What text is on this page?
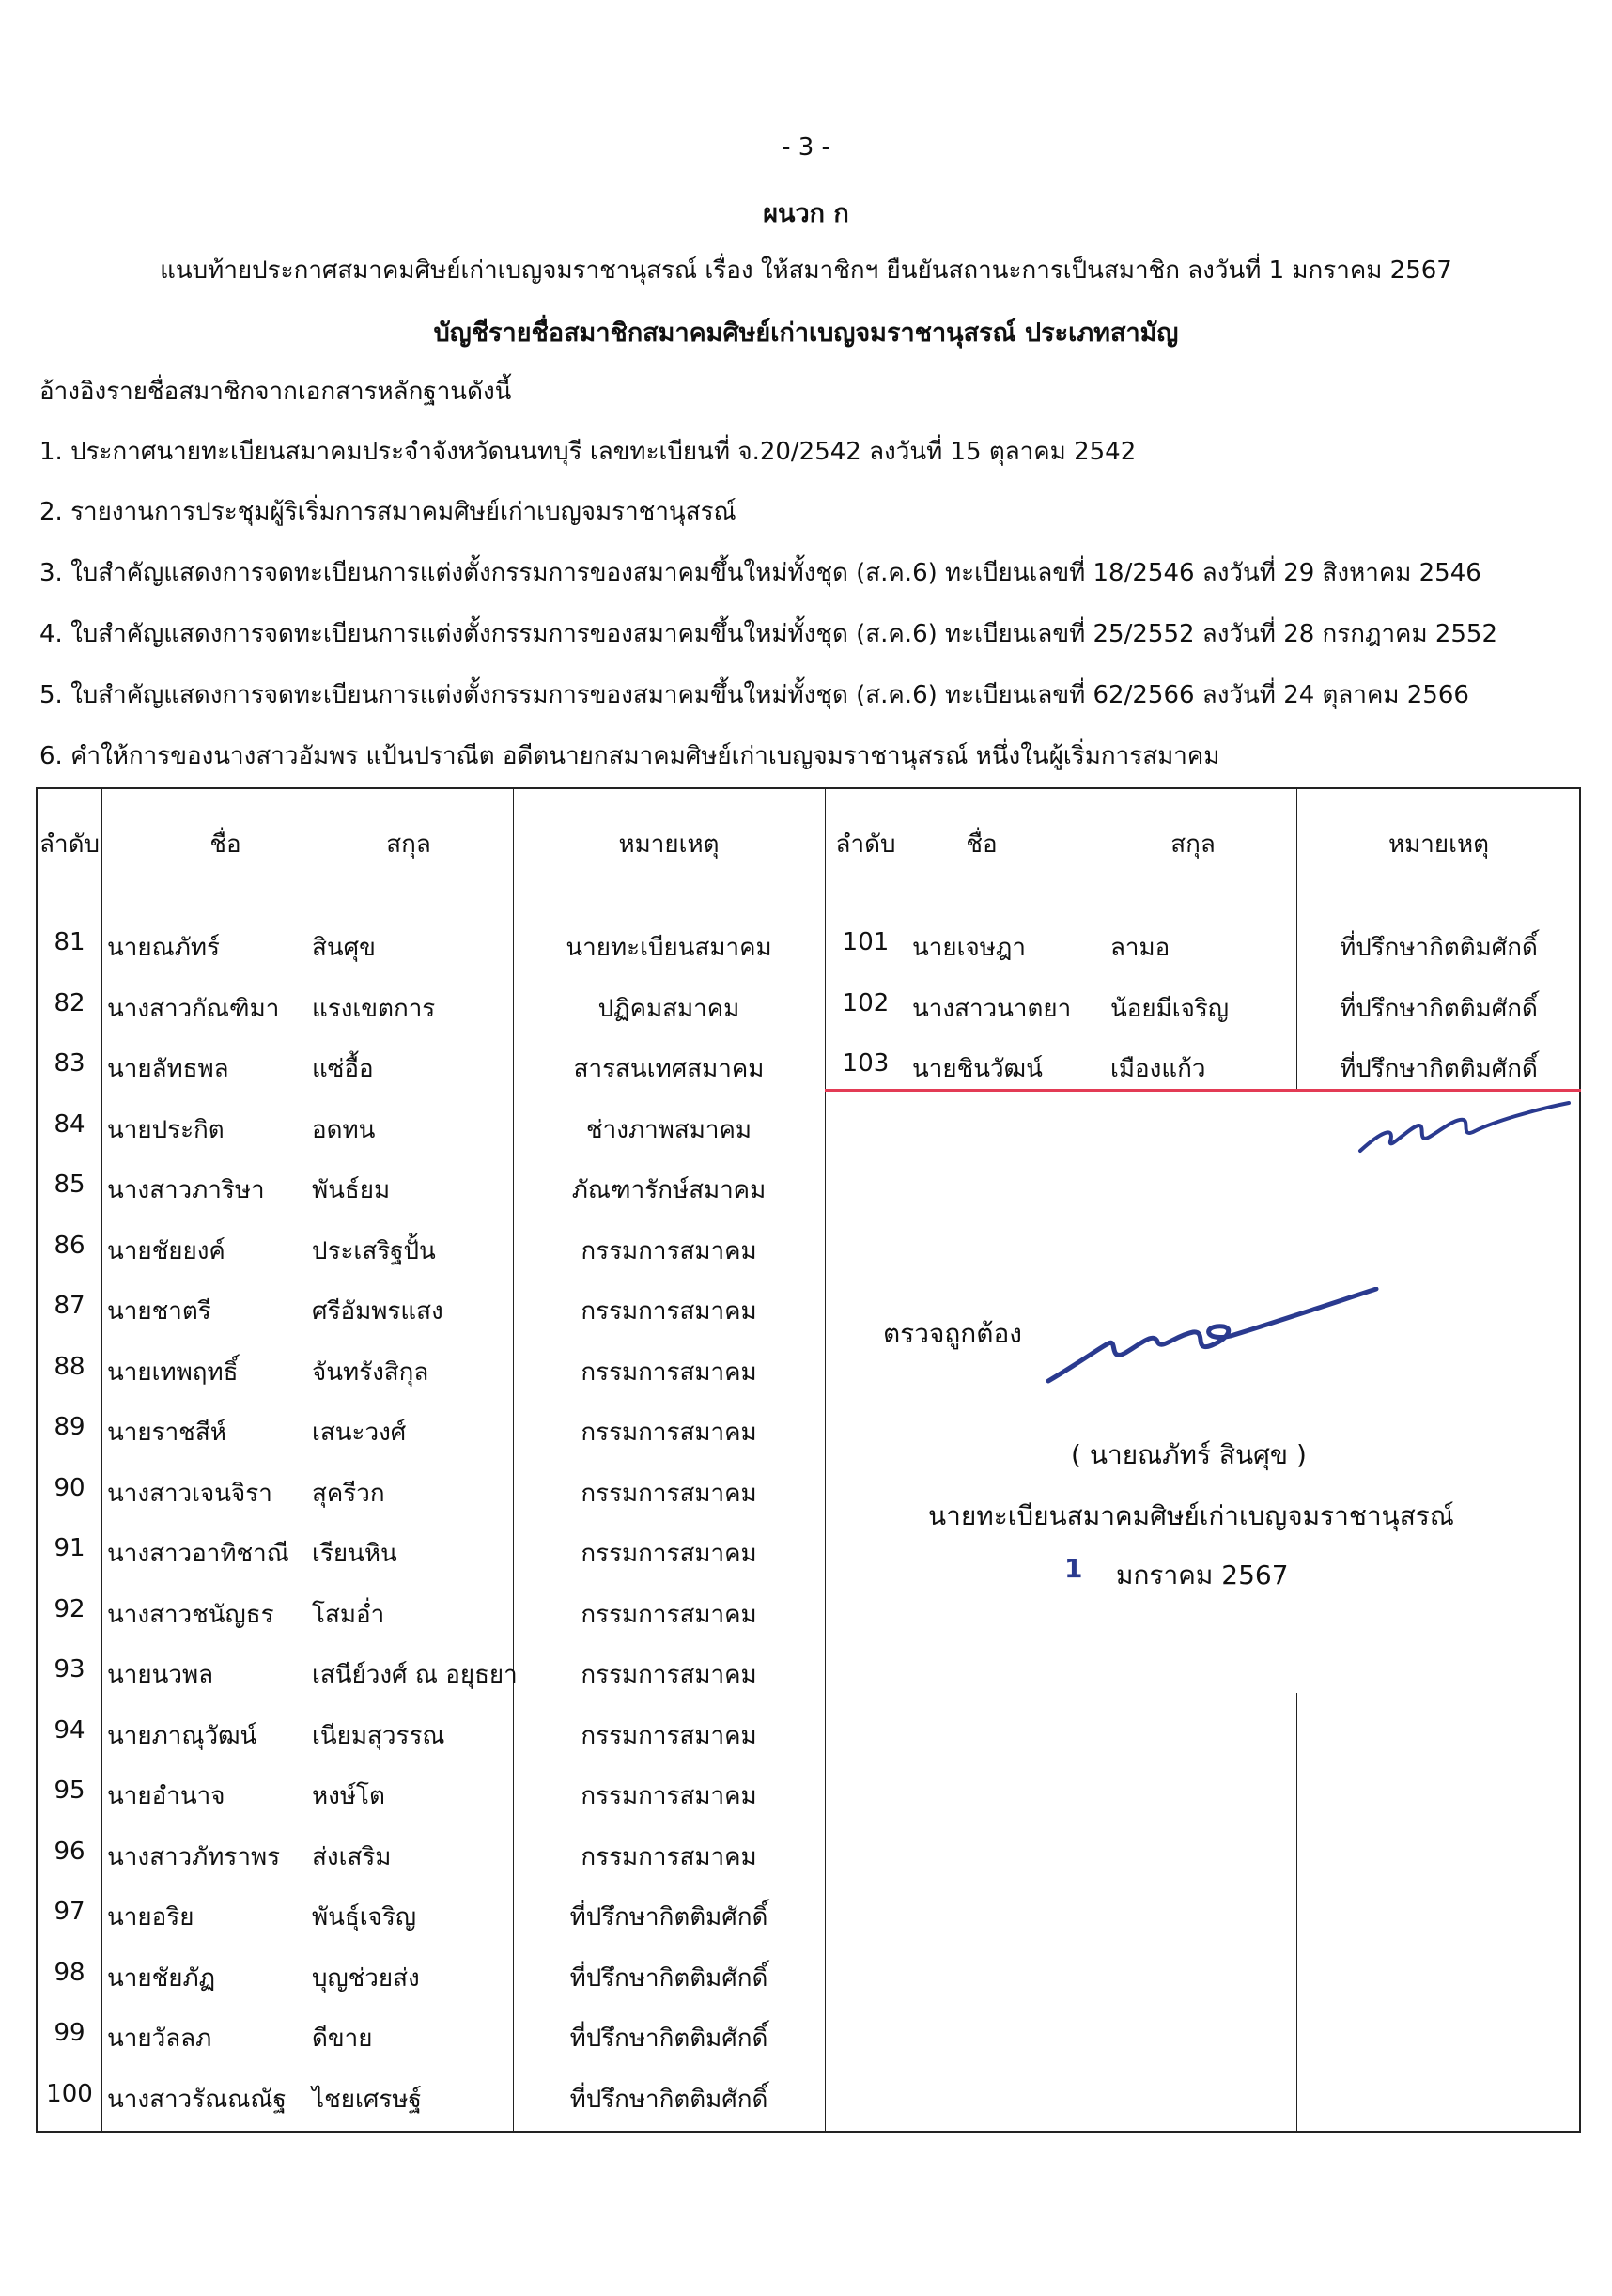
- 3 -
ผนวก ก
แนบท้ายประกาศสมาคมศิษย์เก่าเบญจมราชานุสรณ์ เรื่อง ให้สมาชิกฯ ยืนยันสถานะการเป็นสมาชิก ลงวันที่ 1 มกราคม 2567
บัญชีรายชื่อสมาชิกสมาคมศิษย์เก่าเบญจมราชานุสรณ์ ประเภทสามัญ
อ้างอิงรายชื่อสมาชิกจากเอกสารหลักฐานดังนี้
1. ประกาศนายทะเบียนสมาคมประจำจังหวัดนนทบุรี เลขทะเบียนที่ จ.20/2542 ลงวันที่ 15 ตุลาคม 2542
2. รายงานการประชุมผู้ริเริ่มการสมาคมศิษย์เก่าเบญจมราชานุสรณ์
3. ใบสำคัญแสดงการจดทะเบียนการแต่งตั้งกรรมการของสมาคมขึ้นใหม่ทั้งชุด (ส.ค.6) ทะเบียนเลขที่ 18/2546 ลงวันที่ 29 สิงหาคม 2546
4. ใบสำคัญแสดงการจดทะเบียนการแต่งตั้งกรรมการของสมาคมขึ้นใหม่ทั้งชุด (ส.ค.6) ทะเบียนเลขที่ 25/2552 ลงวันที่ 28 กรกฎาคม 2552
5. ใบสำคัญแสดงการจดทะเบียนการแต่งตั้งกรรมการของสมาคมขึ้นใหม่ทั้งชุด (ส.ค.6) ทะเบียนเลขที่ 62/2566 ลงวันที่ 24 ตุลาคม 2566
6. คำให้การของนางสาวอัมพร แป้นปราณีต อดีตนายกสมาคมศิษย์เก่าเบญจมราชานุสรณ์ หนึ่งในผู้เริ่มการสมาคม
ลำดับ	ชื่อ	สกุล	หมายเหตุ	ลำดับ	ชื่อ	สกุล	หมายเหตุ
81 นายณภัทร์	สินศุข	นายทะเบียนสมาคม
82 นางสาวกัณฑิมา แรงเขตการ	ปฏิคมสมาคม
83 นายลัทธพล	แซ่อื้อ	สารสนเทศสมาคม
84 นายประกิต	อดทน	ช่างภาพสมาคม
85 นางสาวภาริษา พันธ์ยม	ภัณฑารักษ์สมาคม
86 นายชัยยงค์	ประเสริฐปั้น	กรรมการสมาคม
87 นายชาตรี	ศรีอัมพรแสง	กรรมการสมาคม
88 นายเทพฤทธิ์	จันทรังสิกุล	กรรมการสมาคม
89 นายราชสีห์	เสนะวงศ์	กรรมการสมาคม
90 นางสาวเจนจิรา สุครีวก	กรรมการสมาคม
91 นางสาวอาทิชาณี เรียนหิน	กรรมการสมาคม
92 นางสาวชนัญธร โสมอ่ำ	กรรมการสมาคม
93 นายนวพล	เสนีย์วงศ์ ณ อยุธยา	กรรมการสมาคม
94 นายภาณุวัฒน์ เนียมสุวรรณ	กรรมการสมาคม
95 นายอำนาจ	หงษ์โต	กรรมการสมาคม
96 นางสาวภัทราพร ส่งเสริม	กรรมการสมาคม
97 นายอริย	พันธุ์เจริญ	ที่ปรึกษากิตติมศักดิ์
98 นายชัยภัฏ	บุญช่วยส่ง	ที่ปรึกษากิตติมศักดิ์
99 นายวัลลภ	ดีขาย	ที่ปรึกษากิตติมศักดิ์
100 นางสาวรัณณณัฐ ไชยเศรษฐ์	ที่ปรึกษากิตติมศักดิ์
101 นายเจษฎา	ลามอ	ที่ปรึกษากิตติมศักดิ์
102 นางสาวนาตยา น้อยมีเจริญ	ที่ปรึกษากิตติมศักดิ์
103 นายชินวัฒน์	เมืองแก้ว	ที่ปรึกษากิตติมศักดิ์
ตรวจถูกต้อง
( นายณภัทร์ สินศุข )
นายทะเบียนสมาคมศิษย์เก่าเบญจมราชานุสรณ์
1 มกราคม 2567
